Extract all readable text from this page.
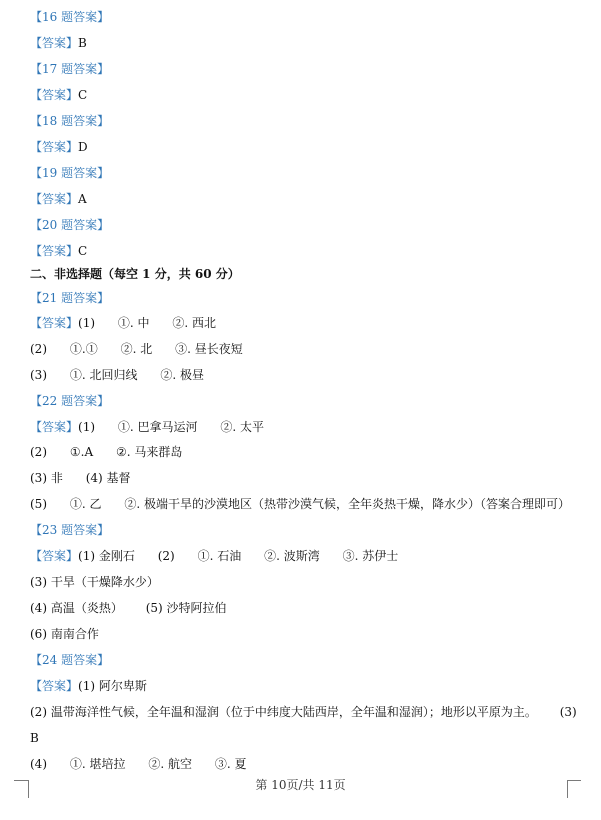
【16 题答案】
【答案】B
【17 题答案】
【答案】C
【18 题答案】
【答案】D
【19 题答案】
【答案】A
【20 题答案】
【答案】C
二、非选择题（每空 1 分，共 60 分）
【21 题答案】
【答案】(1)      ①. 中      ②. 西北
(2)      ①.①      ②. 北      ③. 昼长夜短
(3)      ①. 北回归线      ②. 极昼
【22 题答案】
【答案】(1)      ①. 巴拿马运河      ②. 太平
(2)      ①.A      ②. 马来群岛
(3) 非      (4) 基督
(5)      ①. 乙      ②. 极端干旱的沙漠地区（热带沙漠气候，全年炎热干燥，降水少）（答案合理即可）
【23 题答案】
【答案】(1) 金刚石      (2)      ①. 石油      ②. 波斯湾      ③. 苏伊士
(3) 干旱（干燥降水少）
(4) 高温（炎热）      (5) 沙特阿拉伯
(6) 南南合作
【24 题答案】
【答案】(1) 阿尔卑斯
(2) 温带海洋性气候，全年温和湿润（位于中纬度大陆西岸，全年温和湿润）；地形以平原为主。      (3)
B
(4)      ①. 堪培拉      ②. 航空      ③. 夏
第 10页/共 11页
